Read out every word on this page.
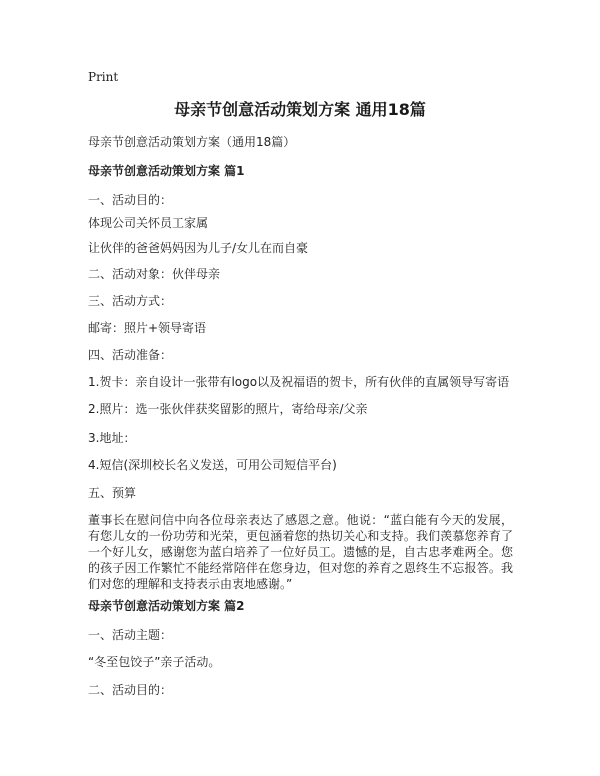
Print
母亲节创意活动策划方案 通用18篇
母亲节创意活动策划方案（通用18篇）
母亲节创意活动策划方案 篇1
一、活动目的：
体现公司关怀员工家属
让伙伴的爸爸妈妈因为儿子/女儿在而自豪
二、活动对象：伙伴母亲
三、活动方式：
邮寄：照片+领导寄语
四、活动准备：
1.贺卡：亲自设计一张带有logo以及祝福语的贺卡，所有伙伴的直属领导写寄语
2.照片：选一张伙伴获奖留影的照片，寄给母亲/父亲
3.地址：
4.短信(深圳校长名义发送，可用公司短信平台)
五、预算
董事长在慰问信中向各位母亲表达了感恩之意。他说：“蓝白能有今天的发展，有您儿女的一份功劳和光荣，更包涵着您的热切关心和支持。我们羡慕您养育了一个好儿女，感谢您为蓝白培养了一位好员工。遗憾的是，自古忠孝难两全。您的孩子因工作繁忙不能经常陪伴在您身边，但对您的养育之恩终生不忘报答。我们对您的理解和支持表示由衷地感谢。”
母亲节创意活动策划方案 篇2
一、活动主题：
“冬至包饺子”亲子活动。
二、活动目的：
